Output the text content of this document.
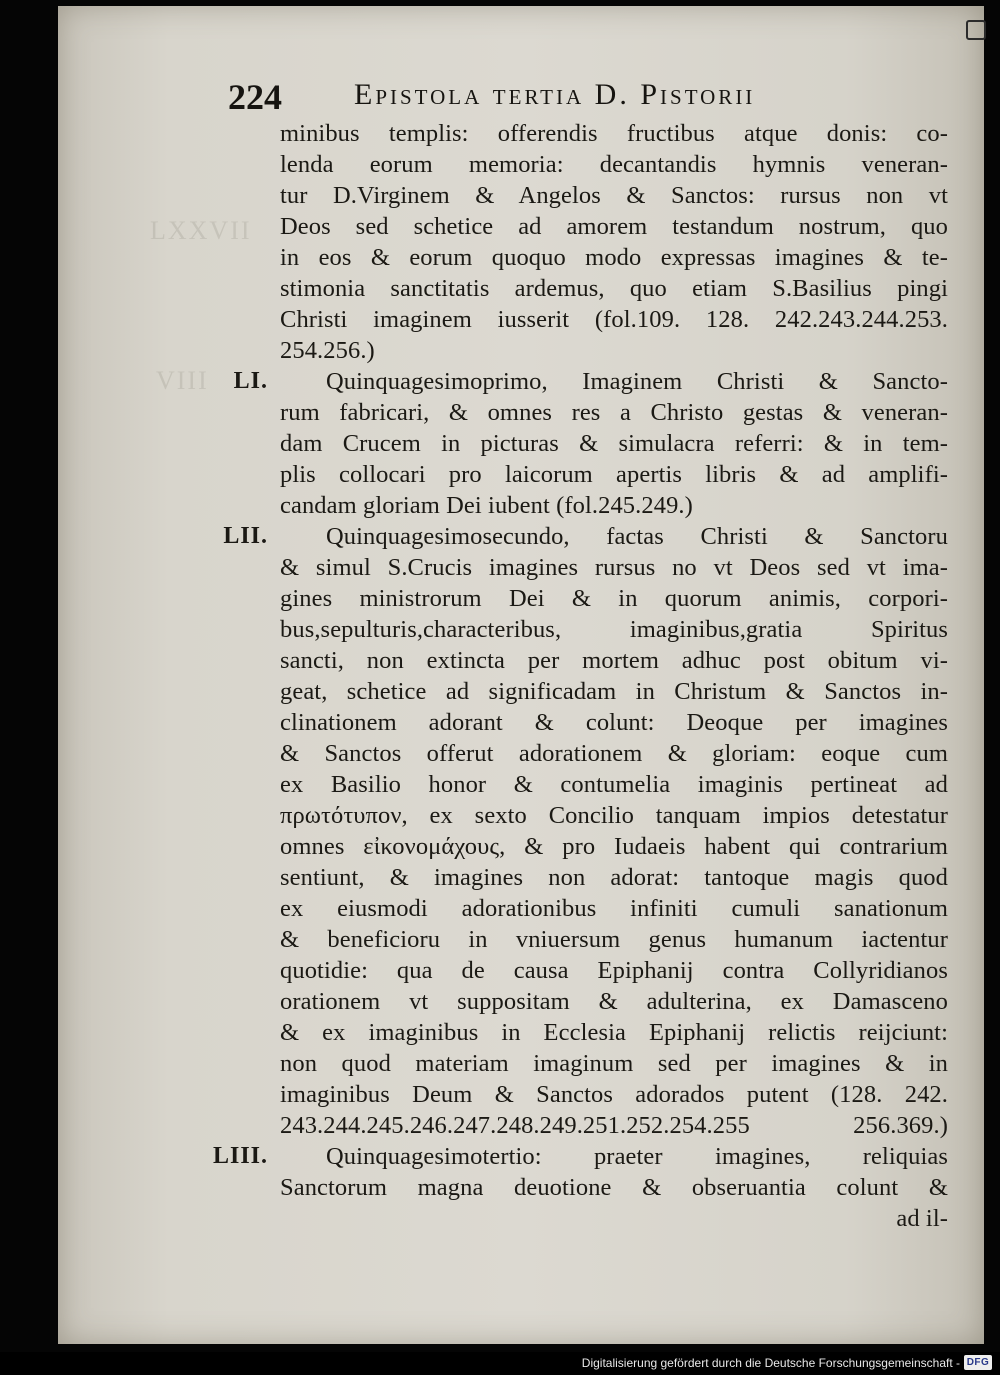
LXXVII
VIII
224 Epistola tertia D. Pistorii
minibus templis: offerendis fructibus atque donis: co-
lenda eorum memoria: decantandis hymnis veneran-
tur D.Virginem & Angelos & Sanctos: rursus non vt
Deos sed schetice ad amorem testandum nostrum, quo
in eos & eorum quoquo modo expressas imagines & te-
stimonia sanctitatis ardemus, quo etiam S.Basilius pingi
Christi imaginem iusserit (fol.109. 128. 242.243.244.253.
254.256.)
LI. Quinquagesimoprimo, Imaginem Christi & Sancto-
rum fabricari, & omnes res a Christo gestas & veneran-
dam Crucem in picturas & simulacra referri: & in tem-
plis collocari pro laicorum apertis libris & ad amplifi-
candam gloriam Dei iubent (fol.245.249.)
LII. Quinquagesimosecundo, factas Christi & Sanctoru
& simul S.Crucis imagines rursus no vt Deos sed vt ima-
gines ministrorum Dei & in quorum animis, corpori-
bus,sepulturis,characteribus, imaginibus,gratia Spiritus
sancti, non extincta per mortem adhuc post obitum vi-
geat, schetice ad significadam in Christum & Sanctos in-
clinationem adorant & colunt: Deoque per imagines
& Sanctos offerut adorationem & gloriam: eoque cum
ex Basilio honor & contumelia imaginis pertineat ad
πρωτότυπον, ex sexto Concilio tanquam impios detestatur
omnes εἰκονομάχους, & pro Iudaeis habent qui contrarium
sentiunt, & imagines non adorat: tantoque magis quod
ex eiusmodi adorationibus infiniti cumuli sanationum
& beneficioru in vniuersum genus humanum iactentur
quotidie: qua de causa Epiphanij contra Collyridianos
orationem vt suppositam & adulterina, ex Damasceno
& ex imaginibus in Ecclesia Epiphanij relictis reijciunt:
non quod materiam imaginum sed per imagines & in
imaginibus Deum & Sanctos adorados putent (128. 242.
243.244.245.246.247.248.249.251.252.254.255 256.369.)
LIII. Quinquagesimotertio: praeter imagines, reliquias
Sanctorum magna deuotione & obseruantia colunt &
ad il-
Digitalisierung gefördert durch die Deutsche Forschungsgemeinschaft - DFG
